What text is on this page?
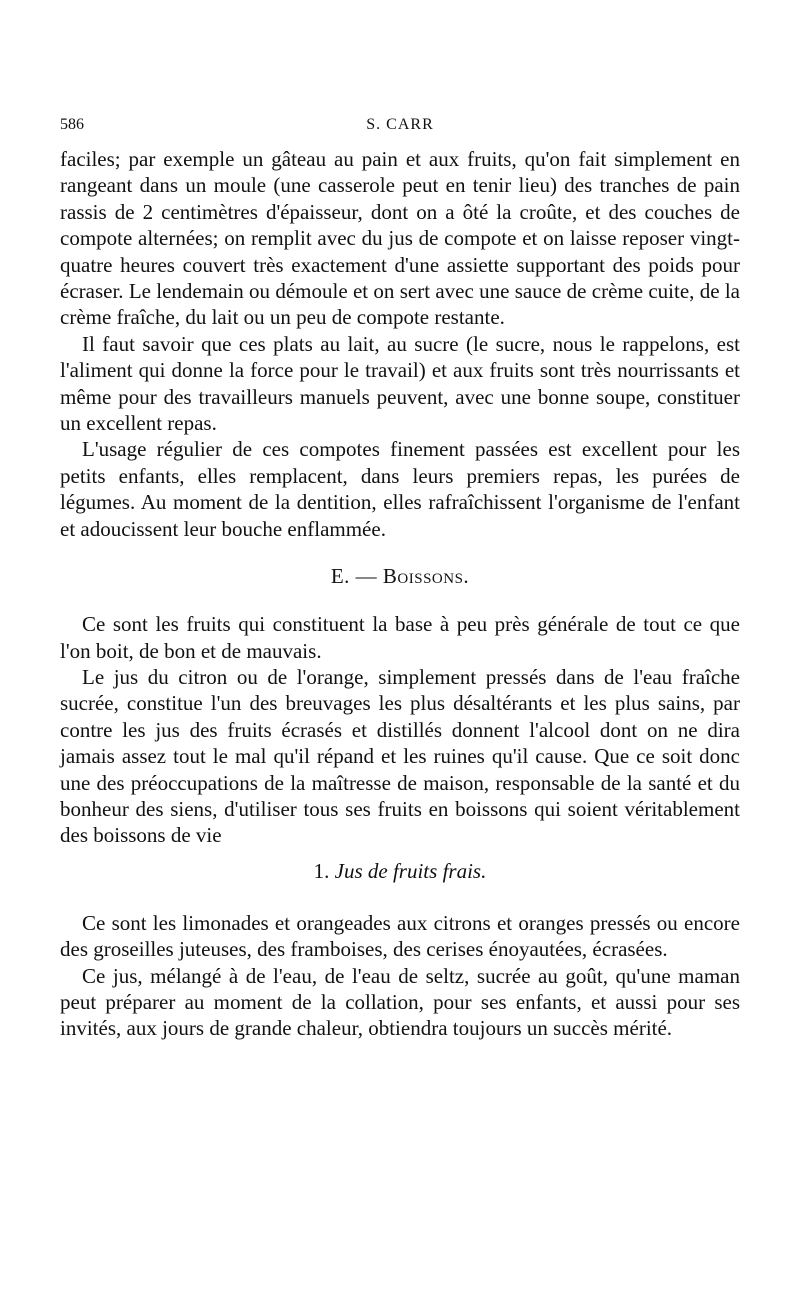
586	S. CARR

faciles; par exemple un gâteau au pain et aux fruits, qu'on fait simplement en rangeant dans un moule (une casserole peut en tenir lieu) des tranches de pain rassis de 2 centimètres d'épaisseur, dont on a ôté la croûte, et des couches de compote alternées; on remplit avec du jus de compote et on laisse reposer vingt-quatre heures couvert très exactement d'une assiette supportant des poids pour écraser. Le lendemain ou démoule et on sert avec une sauce de crème cuite, de la crème fraîche, du lait ou un peu de compote restante.

Il faut savoir que ces plats au lait, au sucre (le sucre, nous le rappelons, est l'aliment qui donne la force pour le travail) et aux fruits sont très nourrissants et même pour des travailleurs manuels peuvent, avec une bonne soupe, constituer un excellent repas.

L'usage régulier de ces compotes finement passées est excellent pour les petits enfants, elles remplacent, dans leurs premiers repas, les purées de légumes. Au moment de la dentition, elles rafraîchissent l'organisme de l'enfant et adoucissent leur bouche enflammée.

E. — Boissons.

Ce sont les fruits qui constituent la base à peu près générale de tout ce que l'on boit, de bon et de mauvais.

Le jus du citron ou de l'orange, simplement pressés dans de l'eau fraîche sucrée, constitue l'un des breuvages les plus désaltérants et les plus sains, par contre les jus des fruits écrasés et distillés donnent l'alcool dont on ne dira jamais assez tout le mal qu'il répand et les ruines qu'il cause. Que ce soit donc une des préoccupations de la maîtresse de maison, responsable de la santé et du bonheur des siens, d'utiliser tous ses fruits en boissons qui soient véritablement des boissons de vie

1. Jus de fruits frais.

Ce sont les limonades et orangeades aux citrons et oranges pressés ou encore des groseilles juteuses, des framboises, des cerises énoyautées, écrasées.

Ce jus, mélangé à de l'eau, de l'eau de seltz, sucrée au goût, qu'une maman peut préparer au moment de la collation, pour ses enfants, et aussi pour ses invités, aux jours de grande chaleur, obtiendra toujours un succès mérité.
